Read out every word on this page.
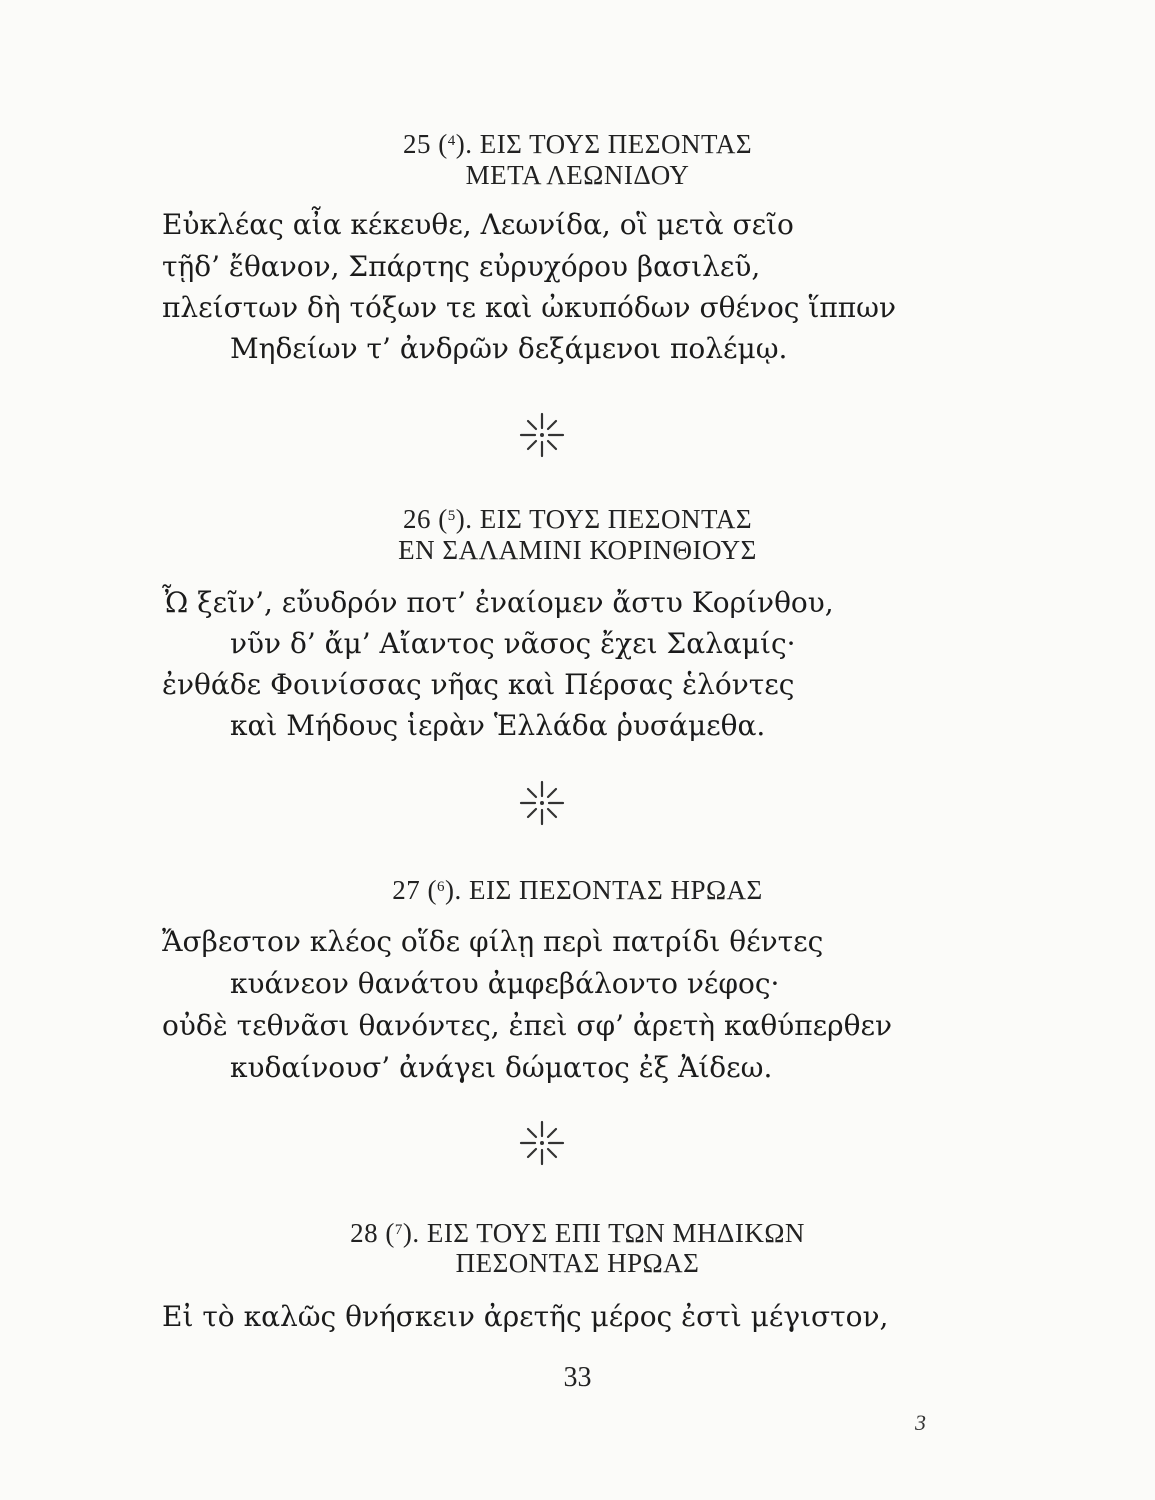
25 ($^4$). ΕΙΣ ΤΟΥΣ ΠΕΣΟΝΤΑΣ
ΜΕΤΑ ΛΕΩΝΙΔΟΥ
Εὐκλέας αἶα κέκευθε, Λεωνίδα, οἳ μετὰ σεῖο
τῇδ’ ἔθανον, Σπάρτης εὐρυχόρου βασιλεῦ,
πλείστων δὴ τόξων τε καὶ ὠκυπόδων σθένος ἵππων
Μηδείων τ’ ἀνδρῶν δεξάμενοι πολέμῳ.
26 ($^5$). ΕΙΣ ΤΟΥΣ ΠΕΣΟΝΤΑΣ
ΕΝ ΣΑΛΑΜΙΝΙ ΚΟΡΙΝΘΙΟΥΣ
Ὦ ξεῖν’, εὔυδρόν ποτ’ ἐναίομεν ἄστυ Κορίνθου,
νῦν δ’ ἄμ’ Αἴαντος νᾶσος ἔχει Σαλαμίς·
ἐνθάδε Φοινίσσας νῆας καὶ Πέρσας ἑλόντες
καὶ Μήδους ἱερὰν Ἑλλάδα ῥυσάμεθα.
27 ($^6$). ΕΙΣ ΠΕΣΟΝΤΑΣ ΗΡΩΑΣ
Ἄσβεστον κλέος οἵδε φίλῃ περὶ πατρίδι θέντες
κυάνεον θανάτου ἀμφεβάλοντο νέφος·
οὐδὲ τεθνᾶσι θανόντες, ἐπεὶ σφ’ ἀρετὴ καθύπερθεν
κυδαίνουσ’ ἀνάγει δώματος ἐξ Ἀίδεω.
28 ($^7$). ΕΙΣ ΤΟΥΣ ΕΠΙ ΤΩΝ ΜΗΔΙΚΩΝ
ΠΕΣΟΝΤΑΣ ΗΡΩΑΣ
Εἰ τὸ καλῶς θνήσκειν ἀρετῆς μέρος ἐστὶ μέγιστον,
33
3
